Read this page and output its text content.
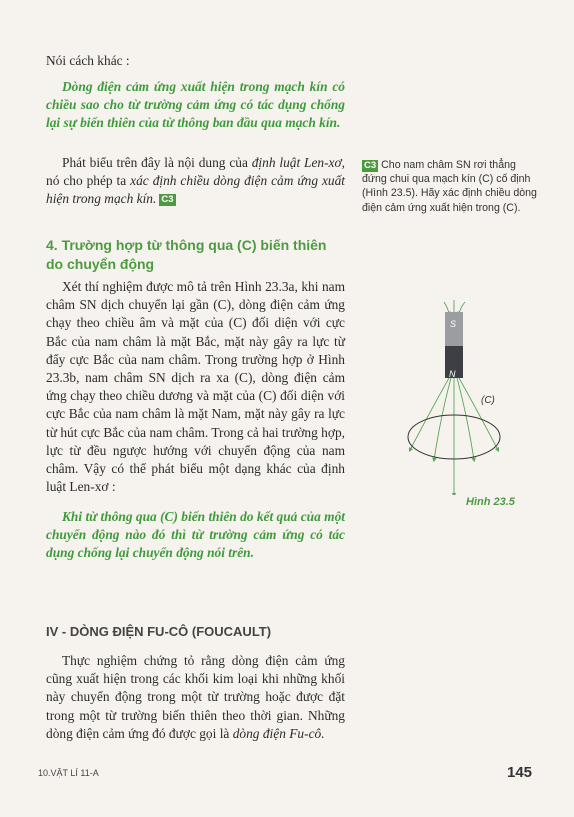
Nói cách khác :

Dòng điện cảm ứng xuất hiện trong mạch kín có chiều sao cho từ trường cảm ứng có tác dụng chống lại sự biến thiên của từ thông ban đầu qua mạch kín.

Phát biểu trên đây là nội dung của định luật Len-xơ, nó cho phép ta xác định chiều dòng điện cảm ứng xuất hiện trong mạch kín. C3

4. Trường hợp từ thông qua (C) biến thiên do chuyển động

Xét thí nghiệm được mô tả trên Hình 23.3a, khi nam châm SN dịch chuyển lại gần (C), dòng điện cảm ứng chạy theo chiều âm và mặt của (C) đối diện với cực Bắc của nam châm là mặt Bắc, mặt này gây ra lực từ đẩy cực Bắc của nam châm. Trong trường hợp ở Hình 23.3b, nam châm SN dịch ra xa (C), dòng điện cảm ứng chạy theo chiều dương và mặt của (C) đối diện với cực Bắc của nam châm là mặt Nam, mặt này gây ra lực từ hút cực Bắc của nam châm. Trong cả hai trường hợp, lực từ đều ngược hướng với chuyển động của nam châm. Vậy có thể phát biểu một dạng khác của định luật Len-xơ :

Khi từ thông qua (C) biến thiên do kết quả của một chuyển động nào đó thì từ trường cảm ứng có tác dụng chống lại chuyển động nói trên.

C3 Cho nam châm SN rơi thẳng đứng chui qua mạch kín (C) cố định (Hình 23.5). Hãy xác định chiều dòng điện cảm ứng xuất hiện trong (C).

S
N
(C)

Hình 23.5

IV - DÒNG ĐIỆN FU-CÔ (FOUCAULT)

Thực nghiệm chứng tỏ rằng dòng điện cảm ứng cũng xuất hiện trong các khối kim loại khi những khối này chuyển động trong một từ trường hoặc được đặt trong một từ trường biến thiên theo thời gian. Những dòng điện cảm ứng đó được gọi là dòng điện Fu-cô.

10.VẬT LÍ 11-A	145
